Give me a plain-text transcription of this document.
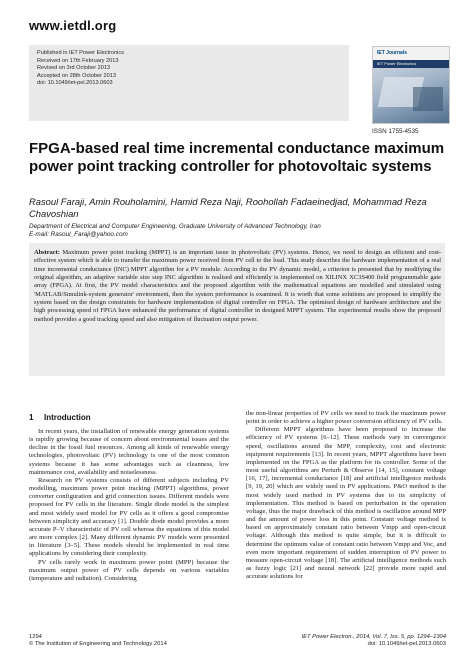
www.ietdl.org
Published in IET Power Electronics
Received on 17th February 2013
Revised on 3rd October 2013
Accepted on 28th October 2013
doi: 10.1049/iet-pel.2013.0603
IET Journals
IET Power Electronics
ISSN 1755-4535
FPGA-based real time incremental conductance maximum power point tracking controller for photovoltaic systems
Rasoul Faraji, Amin Rouholamini, Hamid Reza Naji, Roohollah Fadaeinedjad, Mohammad Reza Chavoshian
Department of Electrical and Computer Engineering, Graduate University of Advanced Technology, Iran
E-mail: Rasoul_Faraji@yahoo.com
Abstract: Maximum power point tracking (MPPT) is an important issue in photovoltaic (PV) systems. Hence, we need to design an efficient and cost-effective system which is able to transfer the maximum power received from PV cell to the load. This study describes the hardware implementation of a real time incremental conductance (INC) MPPT algorithm for a PV module. According to the PV dynamic model, a criterion is presented that by modifying the original algorithm, an adaptive variable size step INC algorithm is realised and efficiently is implemented on XILINX XC3S400 field programmable gate array (FPGA). At first, the PV model characteristics and the proposed algorithm with the mathematical equations are modelled and simulated using 'MATLAB/Simulink-system generator' environment, then the system performance is examined. It is worth that some solutions are proposed to simplify the system based on the design constraints for hardware implementation of digital controller on FPGA. The optimised design of hardware architecture and the high processing speed of FPGA have enhanced the performance of digital controller in designed MPPT system. The experimental results show the proposed method provides a good tracking speed and also mitigation of fluctuation output power.
1 Introduction

In recent years, the installation of renewable energy generation systems is rapidly growing because of concern about environmental issues and the decline in the fossil fuel resources. Among all kinds of renewable energy technologies, photovoltaic (PV) technology is one of the most common systems because it has some advantages such as cleanness, low maintenance cost, availability and noiselessness.

Research on PV systems consists of different subjects including PV modelling, maximum power point tracking (MPPT) algorithms, power converter configuration and grid connection issues. Different models were proposed for PV cells in the literature. Single diode model is the simplest and most widely used model for PV cells as it offers a good compromise between simplicity and accuracy [1]. Double diode model provides a more accurate P–V characteristic of PV cell whereas the equations of this model are more complex [2]. Many different dynamic PV models were presented in literature [3–5]. These models should be implemented in real time applications by considering their complexity.

PV cells rarely work in maximum power point (MPP) because the maximum output power of PV cells depends on various variables (temperature and radiation). Considering

the non-linear properties of PV cells we need to track the maximum power point in order to achieve a higher power conversion efficiency of PV cells.

Different MPPT algorithms have been proposed to increase the efficiency of PV systems [6–12]. These methods vary in convergence speed, oscillations around the MPP, complexity, cost and electronic equipment requirements [13]. In recent years, MPPT algorithms have been implemented on the FPGA as the platform for its controller. Some of the most useful algorithms are Perturb & Observe [14, 15], constant voltage [16, 17], incremental conductance [18] and artificial intelligence methods [9, 19, 20] which are widely used in PV applications. P&O method is the most widely used method in PV systems due to its simplicity of implementation. This method is based on perturbation in the operation voltage, thus the major drawback of this method is oscillation around MPP and the amount of power loss in this point. Constant voltage method is based on approximately constant ratio between Vmpp and open-circuit voltage. Although this method is quite simple, but it is difficult to determine the optimum value of constant ratio between Vmpp and Voc, and even more important requirement of sudden interruption of PV power to measure open-circuit voltage [18]. The artificial intelligence methods such as fuzzy logic [21] and neural network [22] provide more rapid and accurate solutions for

1294
© The Institution of Engineering and Technology 2014
IET Power Electron., 2014, Vol. 7, Iss. 5, pp. 1294–1304
doi: 10.1049/iet-pel.2013.0603
